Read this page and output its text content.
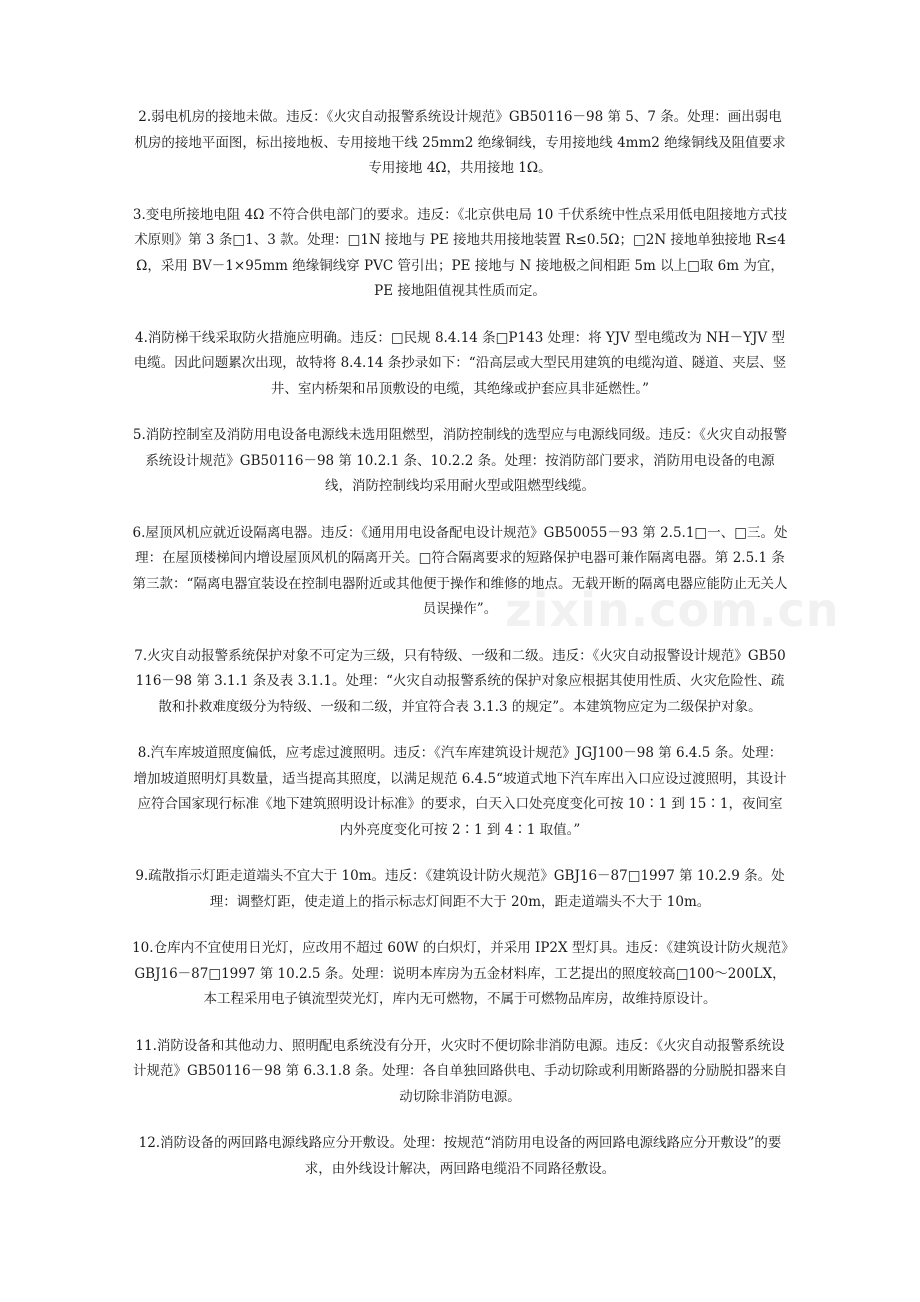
zixin.com.cn

2.弱电机房的接地未做。违反：《火灾自动报警系统设计规范》GB50116－98 第 5、7 条。处理：画出弱电机房的接地平面图，标出接地板、专用接地干线 25mm2 绝缘铜线，专用接地线 4mm2 绝缘铜线及阻值要求专用接地 4Ω，共用接地 1Ω。

3.变电所接地电阻 4Ω 不符合供电部门的要求。违反：《北京供电局 10 千伏系统中性点采用低电阻接地方式技术原则》第 3 条□1、3 款。处理：□1N 接地与 PE 接地共用接地装置 R≤0.5Ω；□2N 接地单独接地 R≤4Ω，采用 BV－1×95mm 绝缘铜线穿 PVC 管引出；PE 接地与 N 接地极之间相距 5m 以上□取 6m 为宜，PE 接地阻值视其性质而定。

4.消防梯干线采取防火措施应明确。违反：□民规 8.4.14 条□P143 处理：将 YJV 型电缆改为 NH－YJV 型电缆。因此问题累次出现，故特将 8.4.14 条抄录如下：“沿高层或大型民用建筑的电缆沟道、隧道、夹层、竖井、室内桥架和吊顶敷设的电缆，其绝缘或护套应具非延燃性。”

5.消防控制室及消防用电设备电源线未选用阻燃型，消防控制线的选型应与电源线同级。违反：《火灾自动报警系统设计规范》GB50116－98 第 10.2.1 条、10.2.2 条。处理：按消防部门要求，消防用电设备的电源线，消防控制线均采用耐火型或阻燃型线缆。

6.屋顶风机应就近设隔离电器。违反：《通用用电设备配电设计规范》GB50055－93 第 2.5.1□一、□三。处理：在屋顶楼梯间内增设屋顶风机的隔离开关。□符合隔离要求的短路保护电器可兼作隔离电器。第 2.5.1 条第三款：“隔离电器宜装设在控制电器附近或其他便于操作和维修的地点。无载开断的隔离电器应能防止无关人员误操作”。

7.火灾自动报警系统保护对象不可定为三级，只有特级、一级和二级。违反：《火灾自动报警设计规范》GB50116－98 第 3.1.1 条及表 3.1.1。处理：“火灾自动报警系统的保护对象应根据其使用性质、火灾危险性、疏散和扑救难度级分为特级、一级和二级，并宜符合表 3.1.3 的规定”。本建筑物应定为二级保护对象。

8.汽车库坡道照度偏低，应考虑过渡照明。违反：《汽车库建筑设计规范》JGJ100－98 第 6.4.5 条。处理：增加坡道照明灯具数量，适当提高其照度，以满足规范 6.4.5“坡道式地下汽车库出入口应设过渡照明，其设计应符合国家现行标准《地下建筑照明设计标准》的要求，白天入口处亮度变化可按 10∶1 到 15∶1，夜间室内外亮度变化可按 2∶1 到 4∶1 取值。”

9.疏散指示灯距走道端头不宜大于 10m。违反：《建筑设计防火规范》GBJ16－87□1997 第 10.2.9 条。处理：调整灯距，使走道上的指示标志灯间距不大于 20m，距走道端头不大于 10m。

10.仓库内不宜使用日光灯，应改用不超过 60W 的白炽灯，并采用 IP2X 型灯具。违反：《建筑设计防火规范》GBJ16－87□1997 第 10.2.5 条。处理：说明本库房为五金材料库，工艺提出的照度较高□100～200LX，本工程采用电子镇流型荧光灯，库内无可燃物，不属于可燃物品库房，故维持原设计。

11.消防设备和其他动力、照明配电系统没有分开，火灾时不便切除非消防电源。违反：《火灾自动报警系统设计规范》GB50116－98 第 6.3.1.8 条。处理：各自单独回路供电、手动切除或利用断路器的分励脱扣器来自动切除非消防电源。

12.消防设备的两回路电源线路应分开敷设。处理：按规范“消防用电设备的两回路电源线路应分开敷设”的要求，由外线设计解决，两回路电缆沿不同路径敷设。
